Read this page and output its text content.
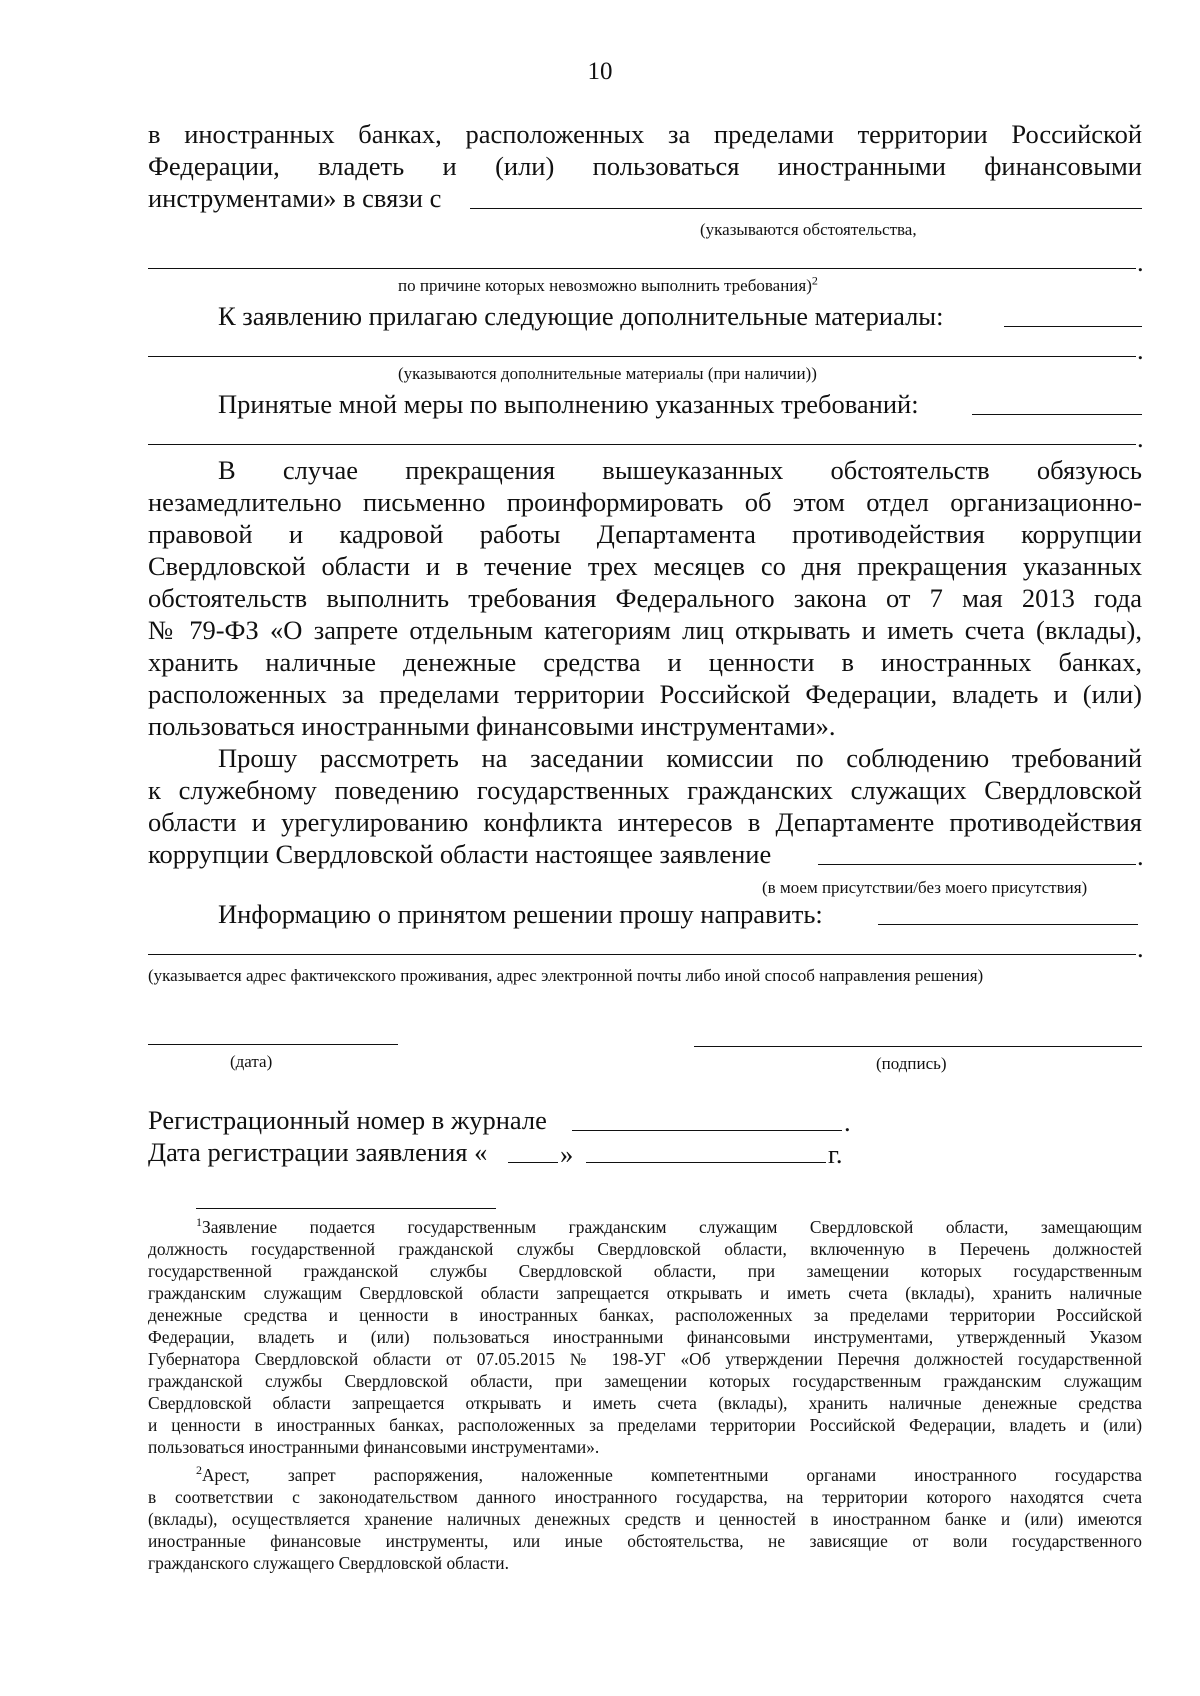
10
в иностранных банках, расположенных за пределами территории Российской
Федерации, владеть и (или) пользоваться иностранными финансовыми
инструментами» в связи с
(указываются обстоятельства,
.
по причине которых невозможно выполнить требования)$^2$
К заявлению прилагаю следующие дополнительные материалы:
.
(указываются дополнительные материалы (при наличии))
Принятые мной меры по выполнению указанных требований:
.
В случае прекращения вышеуказанных обстоятельств обязуюсь
незамедлительно письменно проинформировать об этом отдел организационно-
правовой и кадровой работы Департамента противодействия коррупции
Свердловской области и в течение трех месяцев со дня прекращения указанных
обстоятельств выполнить требования Федерального закона от 7 мая 2013 года
№ 79-ФЗ «О запрете отдельным категориям лиц открывать и иметь счета (вклады),
хранить наличные денежные средства и ценности в иностранных банках,
расположенных за пределами территории Российской Федерации, владеть и (или)
пользоваться иностранными финансовыми инструментами».
Прошу рассмотреть на заседании комиссии по соблюдению требований
к служебному поведению государственных гражданских служащих Свердловской
области и урегулированию конфликта интересов в Департаменте противодействия
коррупции Свердловской области настоящее заявление	.
(в моем присутствии/без моего присутствия)
Информацию о принятом решении прошу направить:
.
(указывается адрес фактичекского проживания, адрес электронной почты либо иной способ направления решения)
(дата)	(подпись)
Регистрационный номер в журнале	.
Дата регистрации заявления «	»	г.
$^1$Заявление подается государственным гражданским служащим Свердловской области, замещающим
должность государственной гражданской службы Свердловской области, включенную в Перечень должностей
государственной гражданской службы Свердловской области, при замещении которых государственным
гражданским служащим Свердловской области запрещается открывать и иметь счета (вклады), хранить наличные
денежные средства и ценности в иностранных банках, расположенных за пределами территории Российской
Федерации, владеть и (или) пользоваться иностранными финансовыми инструментами, утвержденный Указом
Губернатора Свердловской области от 07.05.2015 № 198-УГ «Об утверждении Перечня должностей государственной
гражданской службы Свердловской области, при замещении которых государственным гражданским служащим
Свердловской области запрещается открывать и иметь счета (вклады), хранить наличные денежные средства
и ценности в иностранных банках, расположенных за пределами территории Российской Федерации, владеть и (или)
пользоваться иностранными финансовыми инструментами».
$^2$Арест, запрет распоряжения, наложенные компетентными органами иностранного государства
в соответствии с законодательством данного иностранного государства, на территории которого находятся счета
(вклады), осуществляется хранение наличных денежных средств и ценностей в иностранном банке и (или) имеются
иностранные финансовые инструменты, или иные обстоятельства, не зависящие от воли государственного
гражданского служащего Свердловской области.
